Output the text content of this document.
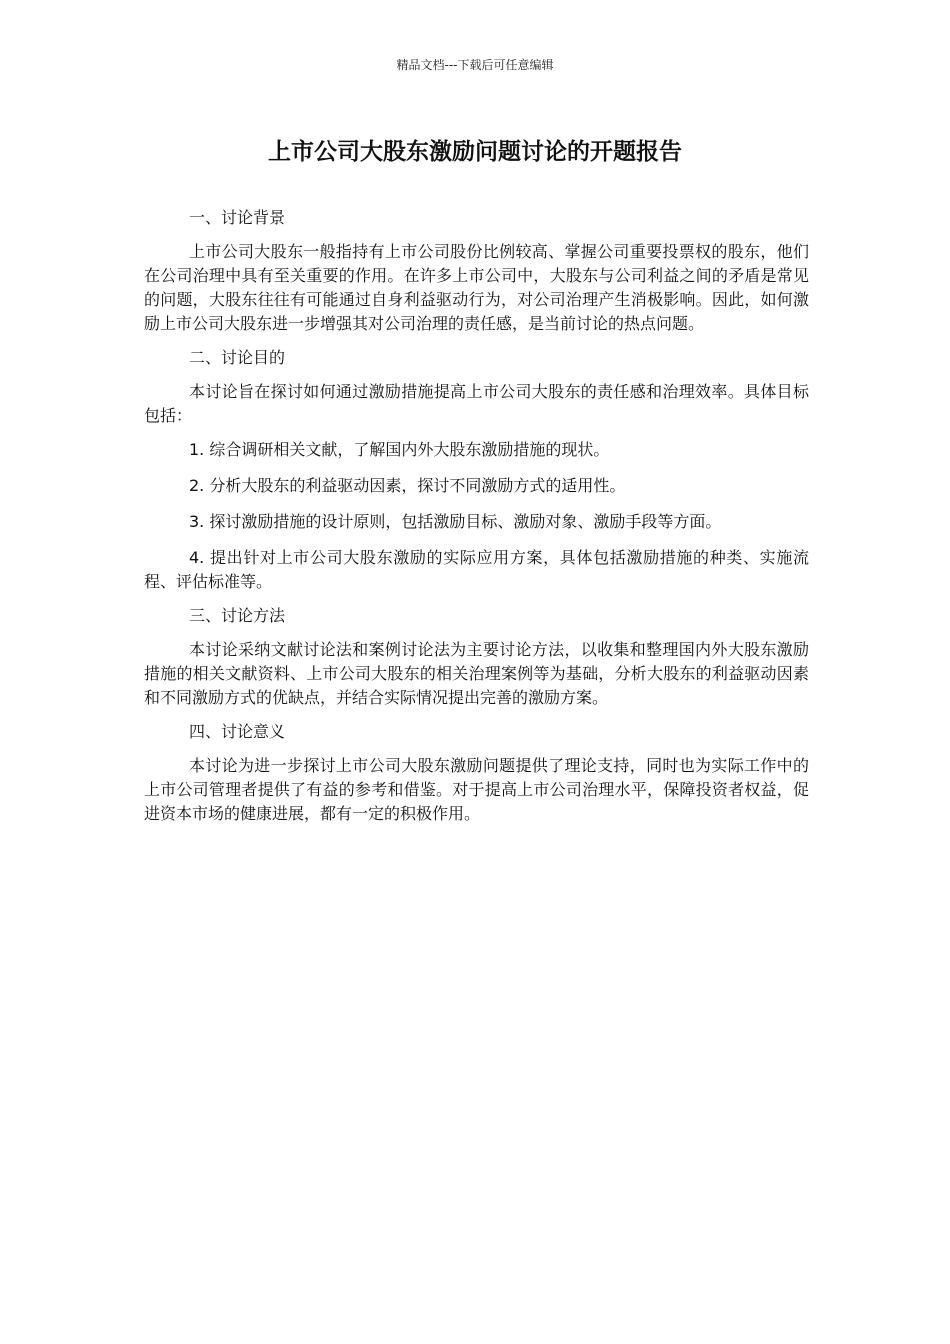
精品文档---下载后可任意编辑
上市公司大股东激励问题讨论的开题报告

一、讨论背景

上市公司大股东一般指持有上市公司股份比例较高、掌握公司重要投票权的股东，他们在公司治理中具有至关重要的作用。在许多上市公司中，大股东与公司利益之间的矛盾是常见的问题，大股东往往有可能通过自身利益驱动行为，对公司治理产生消极影响。因此，如何激励上市公司大股东进一步增强其对公司治理的责任感，是当前讨论的热点问题。

二、讨论目的

本讨论旨在探讨如何通过激励措施提高上市公司大股东的责任感和治理效率。具体目标包括：

1. 综合调研相关文献，了解国内外大股东激励措施的现状。

2. 分析大股东的利益驱动因素，探讨不同激励方式的适用性。

3. 探讨激励措施的设计原则，包括激励目标、激励对象、激励手段等方面。

4. 提出针对上市公司大股东激励的实际应用方案，具体包括激励措施的种类、实施流程、评估标准等。

三、讨论方法

本讨论采纳文献讨论法和案例讨论法为主要讨论方法，以收集和整理国内外大股东激励措施的相关文献资料、上市公司大股东的相关治理案例等为基础，分析大股东的利益驱动因素和不同激励方式的优缺点，并结合实际情况提出完善的激励方案。

四、讨论意义

本讨论为进一步探讨上市公司大股东激励问题提供了理论支持，同时也为实际工作中的上市公司管理者提供了有益的参考和借鉴。对于提高上市公司治理水平，保障投资者权益，促进资本市场的健康进展，都有一定的积极作用。
